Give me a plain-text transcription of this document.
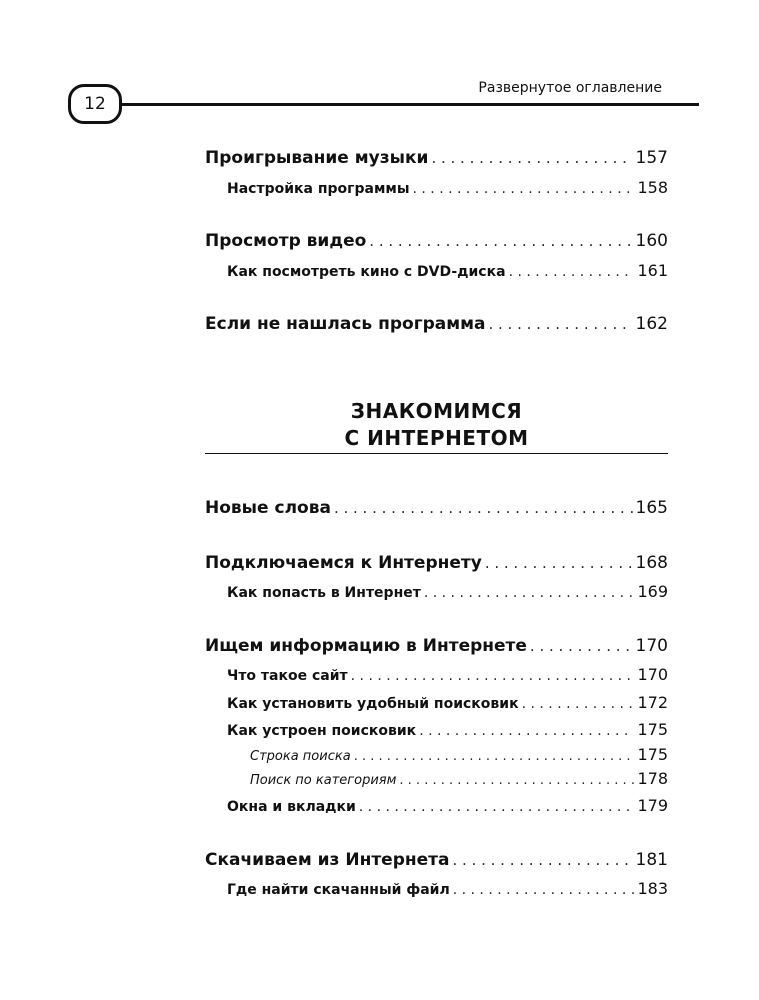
12
Развернутое оглавление
Проигрывание музыки . . .	157
Настройка программы . . .	158
Просмотр видео . . .	160
Как посмотреть кино с DVD-диска . . .	161
Если не нашлась программа . . .	162
Новые слова . . .	165
Подключаемся к Интернету . . .	168
Как попасть в Интернет . . .	169
Ищем информацию в Интернете . . .	170
Что такое сайт . . .	170
Как установить удобный поисковик . . .	172
Как устроен поисковик . . .	175
Строка поиска . . .	175
Поиск по категориям . . .	178
Окна и вкладки . . .	179
Скачиваем из Интернета . . .	181
Где найти скачанный файл . . .	183
ЗНАКОМИМСЯ
С ИНТЕРНЕТОМ
